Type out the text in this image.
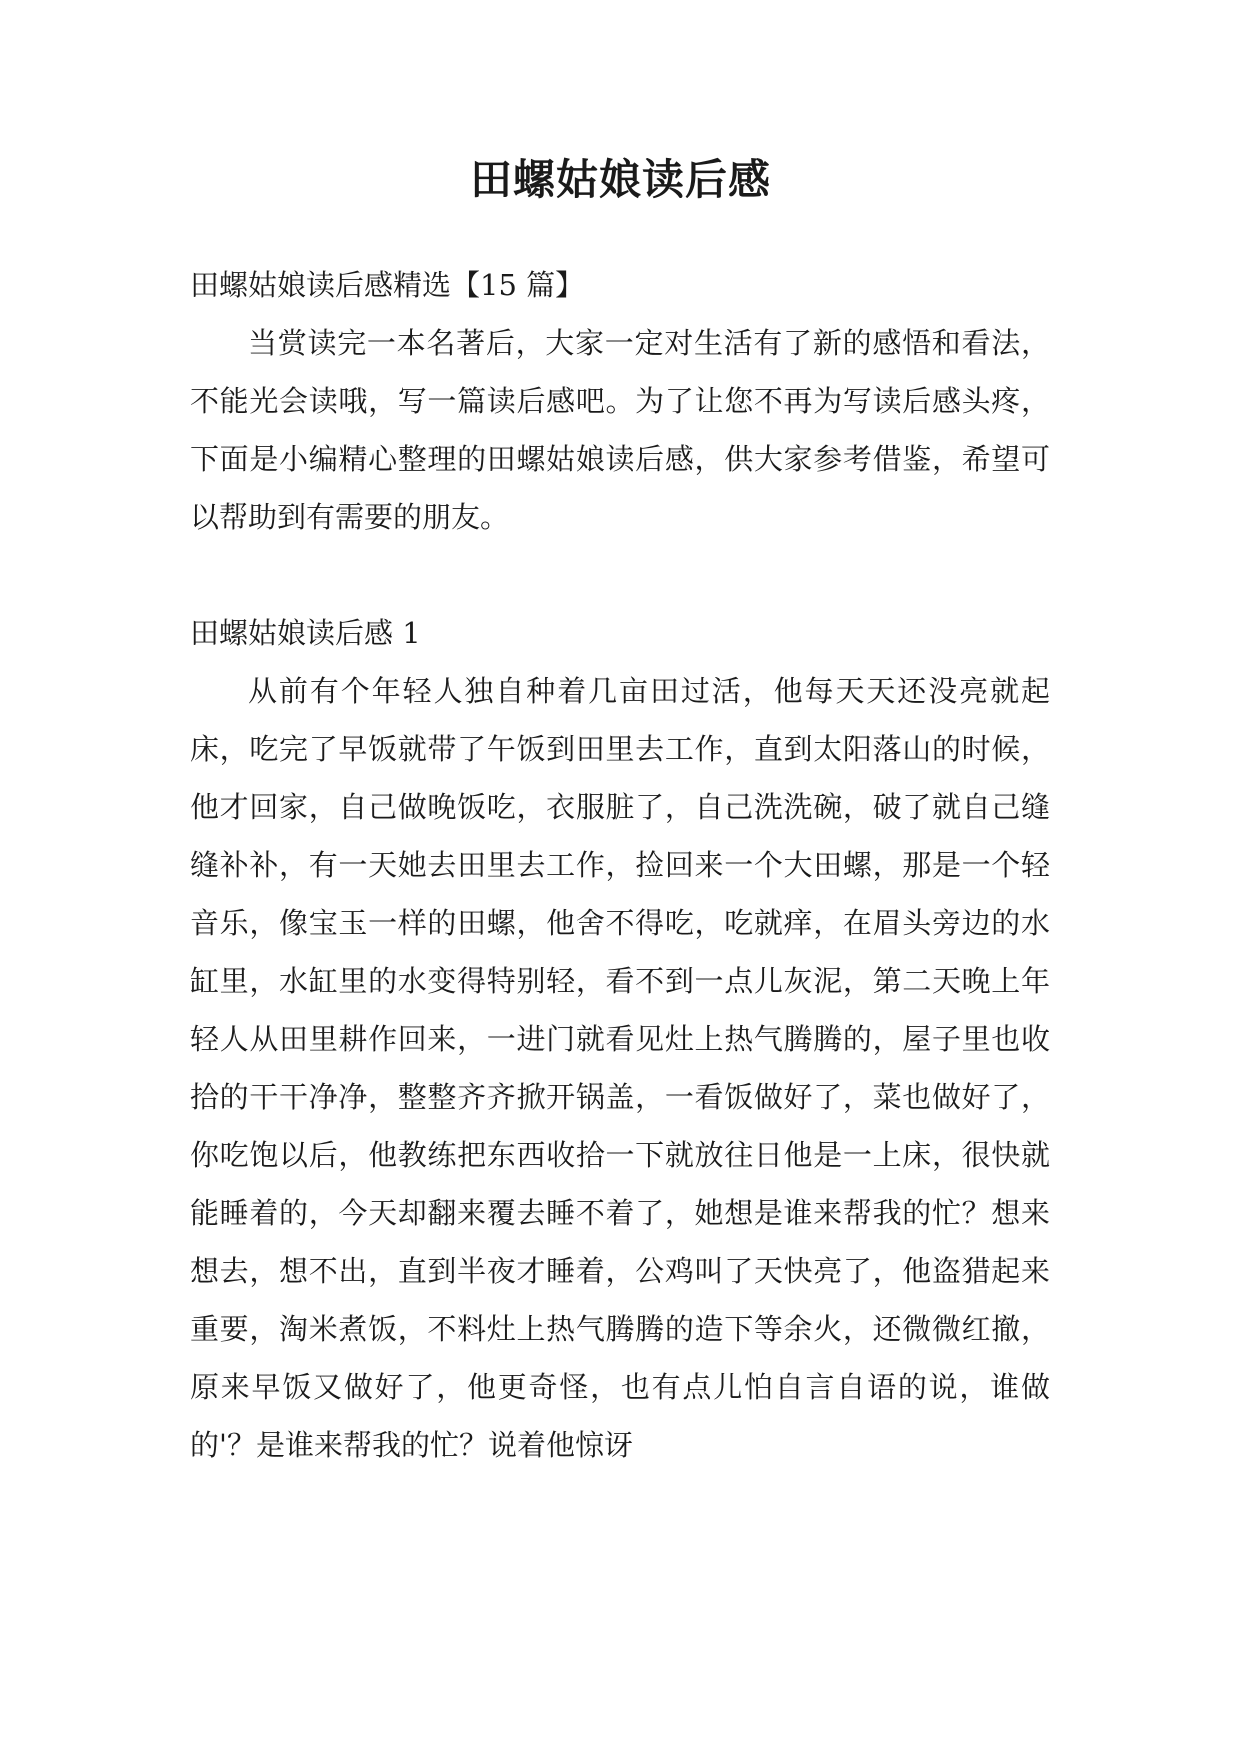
田螺姑娘读后感

田螺姑娘读后感精选【15 篇】

当赏读完一本名著后，大家一定对生活有了新的感悟和看法，不能光会读哦，写一篇读后感吧。为了让您不再为写读后感头疼，下面是小编精心整理的田螺姑娘读后感，供大家参考借鉴，希望可以帮助到有需要的朋友。

田螺姑娘读后感 1

从前有个年轻人独自种着几亩田过活，他每天天还没亮就起床，吃完了早饭就带了午饭到田里去工作，直到太阳落山的时候，他才回家，自己做晚饭吃，衣服脏了，自己洗洗碗，破了就自己缝缝补补，有一天她去田里去工作，捡回来一个大田螺，那是一个轻音乐，像宝玉一样的田螺，他舍不得吃，吃就痒，在眉头旁边的水缸里，水缸里的水变得特别轻，看不到一点儿灰泥，第二天晚上年轻人从田里耕作回来，一进门就看见灶上热气腾腾的，屋子里也收拾的干干净净，整整齐齐掀开锅盖，一看饭做好了，菜也做好了，你吃饱以后，他教练把东西收拾一下就放往日他是一上床，很快就能睡着的，今天却翻来覆去睡不着了，她想是谁来帮我的忙？想来想去，想不出，直到半夜才睡着，公鸡叫了天快亮了，他盗猎起来重要，淘米煮饭，不料灶上热气腾腾的造下等余火，还微微红撤，原来早饭又做好了，他更奇怪，也有点儿怕自言自语的说，谁做的'？是谁来帮我的忙？说着他惊讶
